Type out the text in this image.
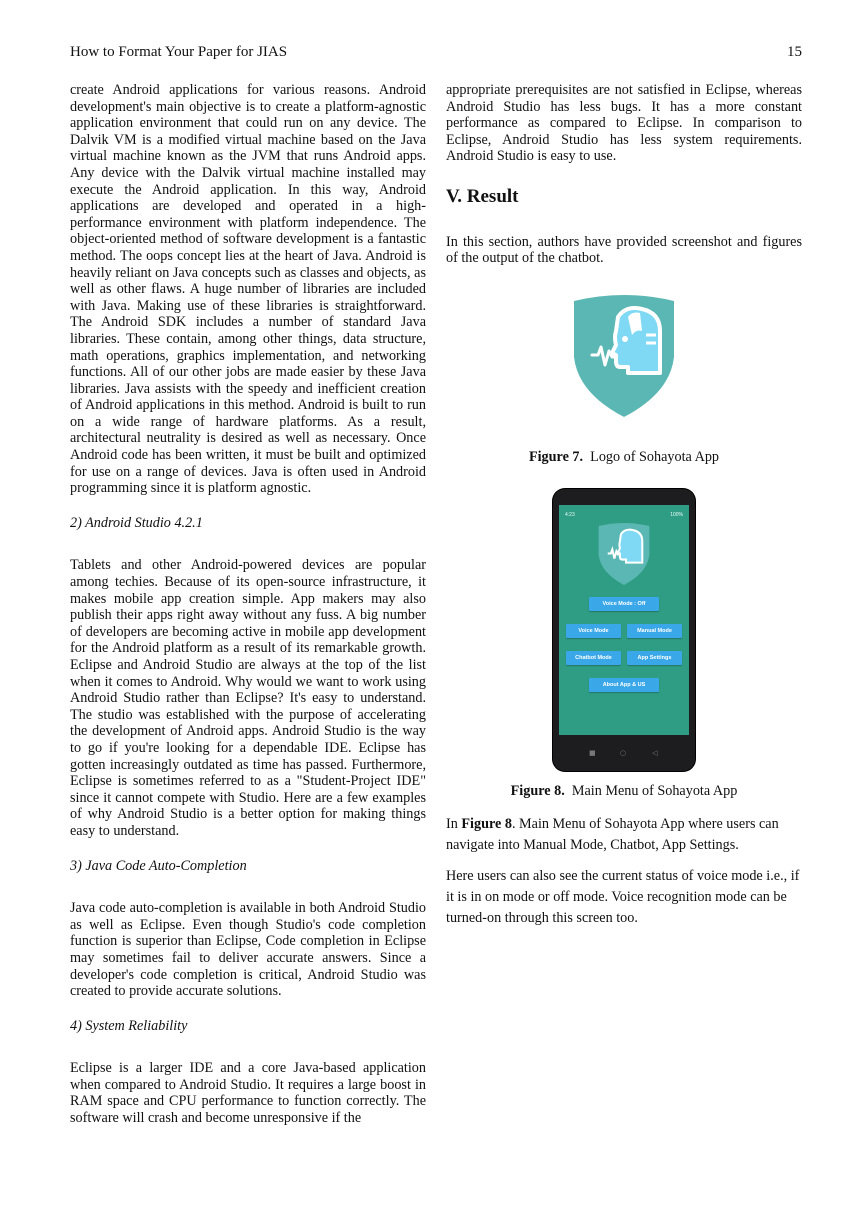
How to Format Your Paper for JIAS	15

create Android applications for various reasons. Android development's main objective is to create a platform-agnostic application environment that could run on any device. The Dalvik VM is a modified virtual machine based on the Java virtual machine known as the JVM that runs Android apps. Any device with the Dalvik virtual machine installed may execute the Android application. In this way, Android applications are developed and operated in a high-performance environment with platform independence. The object-oriented method of software development is a fantastic method. The oops concept lies at the heart of Java. Android is heavily reliant on Java concepts such as classes and objects, as well as other flaws. A huge number of libraries are included with Java. Making use of these libraries is straightforward. The Android SDK includes a number of standard Java libraries. These contain, among other things, data structure, math operations, graphics implementation, and networking functions. All of our other jobs are made easier by these Java libraries. Java assists with the speedy and inefficient creation of Android applications in this method. Android is built to run on a wide range of hardware platforms. As a result, architectural neutrality is desired as well as necessary. Once Android code has been written, it must be built and optimized for use on a range of devices. Java is often used in Android programming since it is platform agnostic.

2) Android Studio 4.2.1

Tablets and other Android-powered devices are popular among techies. Because of its open-source infrastructure, it makes mobile app creation simple. App makers may also publish their apps right away without any fuss. A big number of developers are becoming active in mobile app development for the Android platform as a result of its remarkable growth. Eclipse and Android Studio are always at the top of the list when it comes to Android. Why would we want to work using Android Studio rather than Eclipse? It's easy to understand. The studio was established with the purpose of accelerating the development of Android apps. Android Studio is the way to go if you're looking for a dependable IDE. Eclipse has gotten increasingly outdated as time has passed. Furthermore, Eclipse is sometimes referred to as a "Student-Project IDE" since it cannot compete with Studio. Here are a few examples of why Android Studio is a better option for making things easy to understand.

3) Java Code Auto-Completion

Java code auto-completion is available in both Android Studio as well as Eclipse. Even though Studio's code completion function is superior than Eclipse, Code completion in Eclipse may sometimes fail to deliver accurate answers. Since a developer's code completion is critical, Android Studio was created to provide accurate solutions.

4) System Reliability

Eclipse is a larger IDE and a core Java-based application when compared to Android Studio. It requires a large boost in RAM space and CPU performance to function correctly. The software will crash and become unresponsive if the

appropriate prerequisites are not satisfied in Eclipse, whereas Android Studio has less bugs. It has a more constant performance as compared to Eclipse. In comparison to Eclipse, Android Studio has less system requirements. Android Studio is easy to use.

V. Result

In this section, authors have provided screenshot and figures of the output of the chatbot.

Figure 7. Logo of Sohayota App

4:23	100%
Voice Mode : Off
Voice Mode	Manual Mode
Chatbot Mode	App Settings
About App & US
■	○	◁

Figure 8. Main Menu of Sohayota App

In Figure 8. Main Menu of Sohayota App where users can navigate into Manual Mode, Chatbot, App Settings.

Here users can also see the current status of voice mode i.e., if it is in on mode or off mode. Voice recognition mode can be turned-on through this screen too.
